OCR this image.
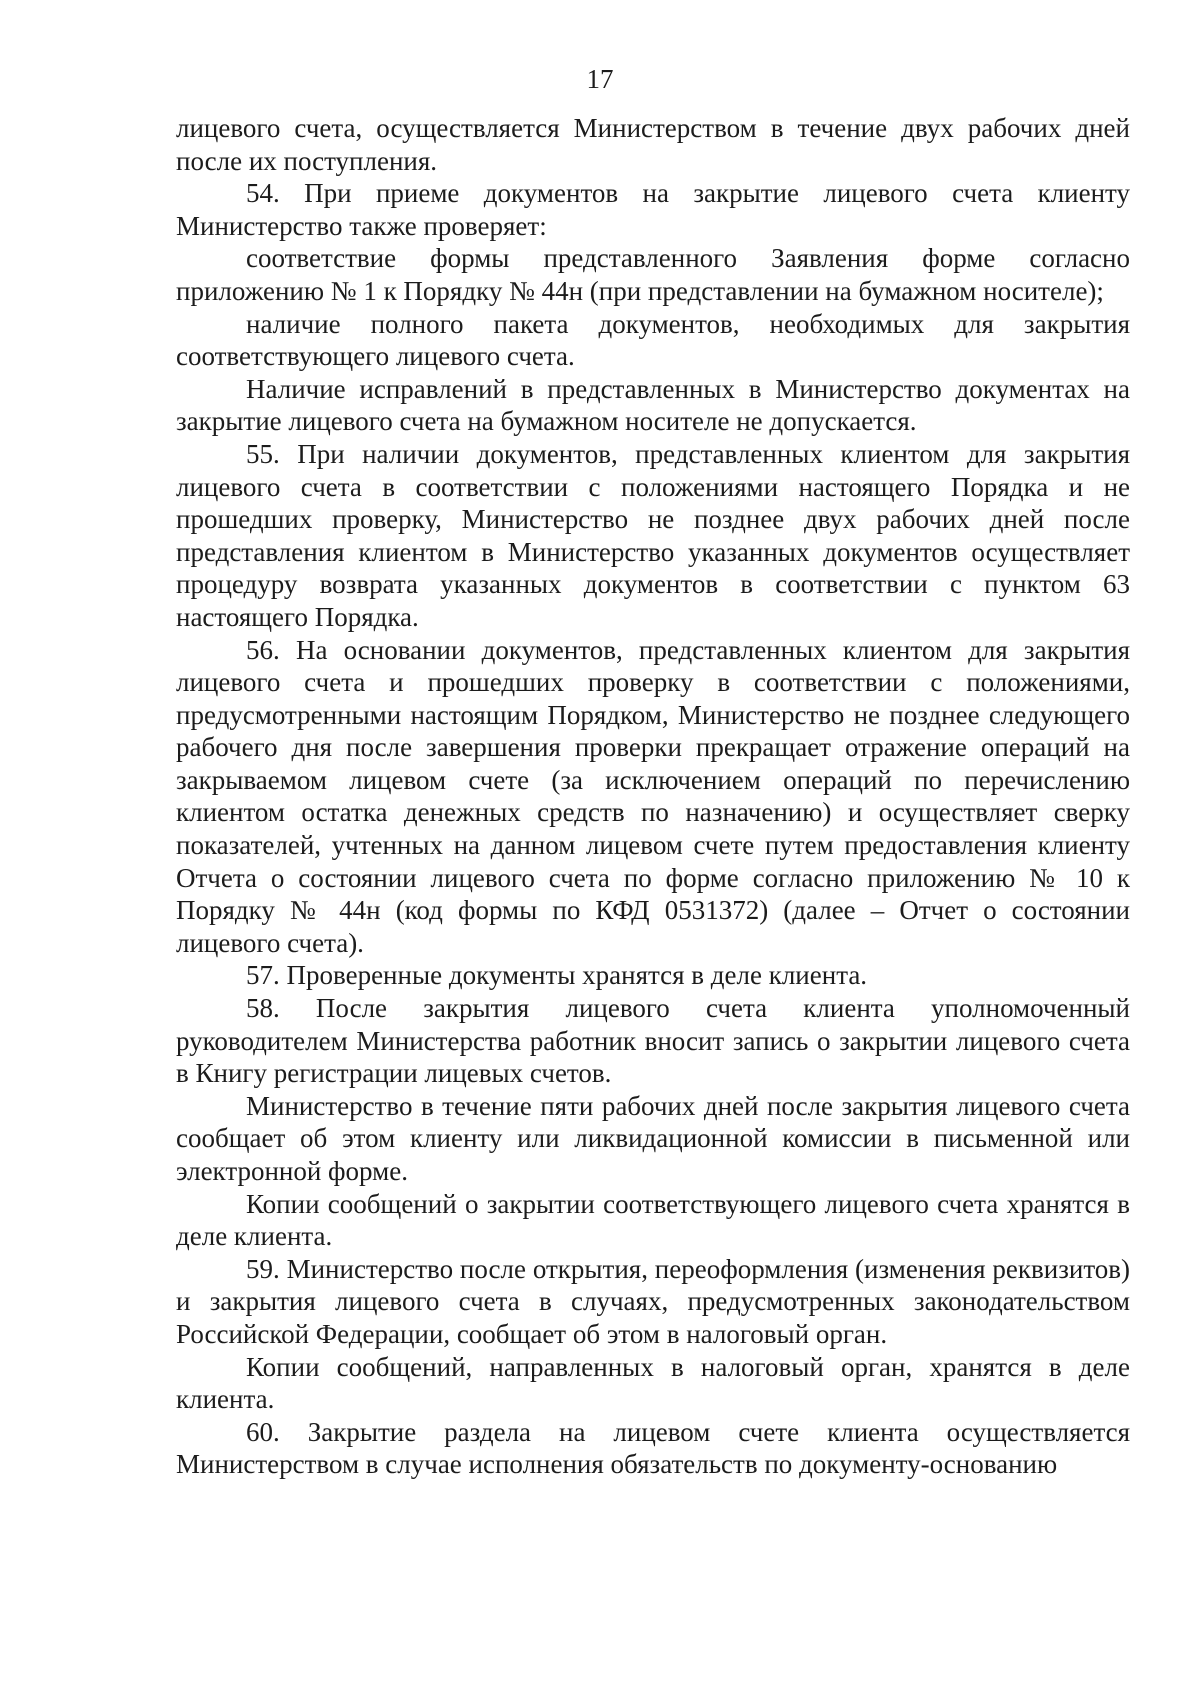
17

лицевого счета, осуществляется Министерством в течение двух рабочих дней после их поступления.

54. При приеме документов на закрытие лицевого счета клиенту Министерство также проверяет:

соответствие формы представленного Заявления форме согласно приложению № 1 к Порядку № 44н (при представлении на бумажном носителе);

наличие полного пакета документов, необходимых для закрытия соответствующего лицевого счета.

Наличие исправлений в представленных в Министерство документах на закрытие лицевого счета на бумажном носителе не допускается.

55. При наличии документов, представленных клиентом для закрытия лицевого счета в соответствии с положениями настоящего Порядка и не прошедших проверку, Министерство не позднее двух рабочих дней после представления клиентом в Министерство указанных документов осуществляет процедуру возврата указанных документов в соответствии с пунктом 63 настоящего Порядка.

56. На основании документов, представленных клиентом для закрытия лицевого счета и прошедших проверку в соответствии с положениями, предусмотренными настоящим Порядком, Министерство не позднее следующего рабочего дня после завершения проверки прекращает отражение операций на закрываемом лицевом счете (за исключением операций по перечислению клиентом остатка денежных средств по назначению) и осуществляет сверку показателей, учтенных на данном лицевом счете путем предоставления клиенту Отчета о состоянии лицевого счета по форме согласно приложению № 10 к Порядку № 44н (код формы по КФД 0531372) (далее – Отчет о состоянии лицевого счета).

57. Проверенные документы хранятся в деле клиента.

58. После закрытия лицевого счета клиента уполномоченный руководителем Министерства работник вносит запись о закрытии лицевого счета в Книгу регистрации лицевых счетов.

Министерство в течение пяти рабочих дней после закрытия лицевого счета сообщает об этом клиенту или ликвидационной комиссии в письменной или электронной форме.

Копии сообщений о закрытии соответствующего лицевого счета хранятся в деле клиента.

59. Министерство после открытия, переоформления (изменения реквизитов)

и закрытия лицевого счета в случаях, предусмотренных законодательством Российской Федерации, сообщает об этом в налоговый орган.

Копии сообщений, направленных в налоговый орган, хранятся в деле клиента.

60. Закрытие раздела на лицевом счете клиента осуществляется Министерством в случае исполнения обязательств по документу-основанию
